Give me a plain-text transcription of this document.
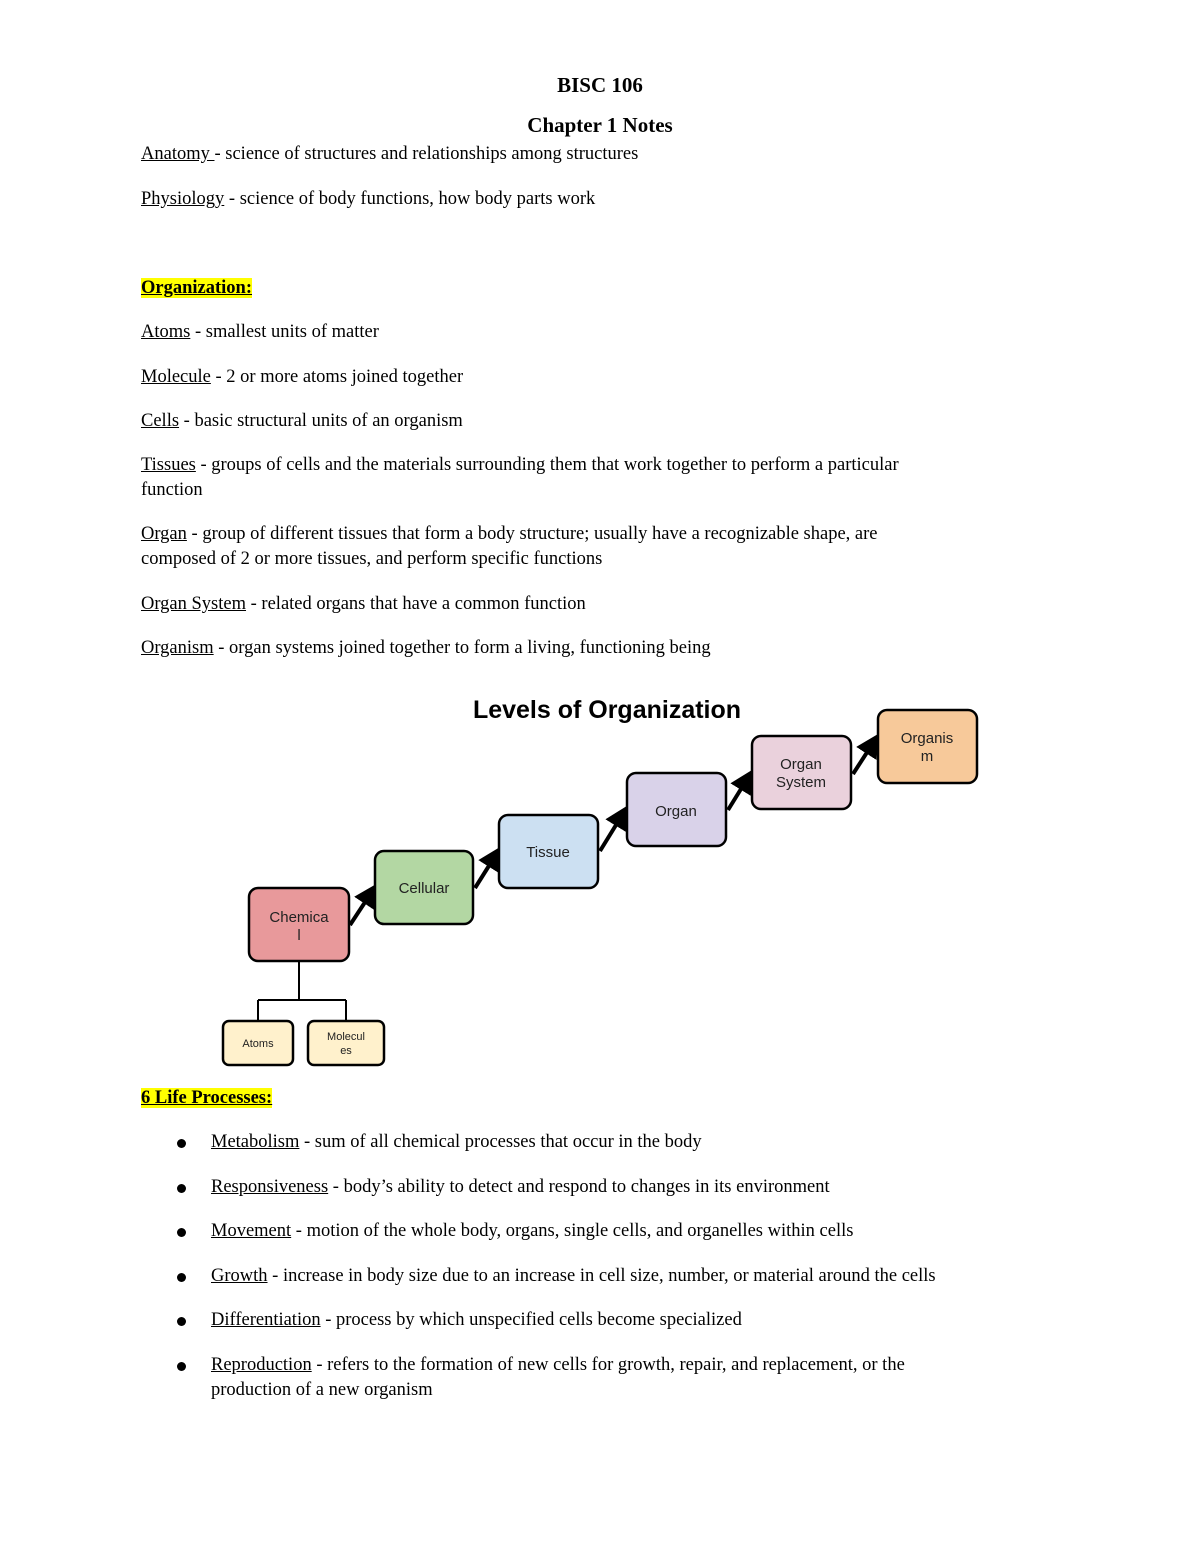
BISC 106
Chapter 1 Notes
Anatomy - science of structures and relationships among structures
Physiology - science of body functions, how body parts work
Organization:
Atoms - smallest units of matter
Molecule - 2 or more atoms joined together
Cells - basic structural units of an organism
Tissues - groups of cells and the materials surrounding them that work together to perform a particular
function
Organ - group of different tissues that form a body structure; usually have a recognizable shape, are
composed of 2 or more tissues, and perform specific functions
Organ System - related organs that have a common function
Organism - organ systems joined together to form a living, functioning being
Levels of Organization
Chemica
l
Cellular
Tissue
Organ
Organ
System
Organis
m
Atoms
Molecul
es
6 Life Processes:
Metabolism - sum of all chemical processes that occur in the body
Responsiveness - body’s ability to detect and respond to changes in its environment
Movement - motion of the whole body, organs, single cells, and organelles within cells
Growth - increase in body size due to an increase in cell size, number, or material around the cells
Differentiation - process by which unspecified cells become specialized
Reproduction - refers to the formation of new cells for growth, repair, and replacement, or the
production of a new organism
